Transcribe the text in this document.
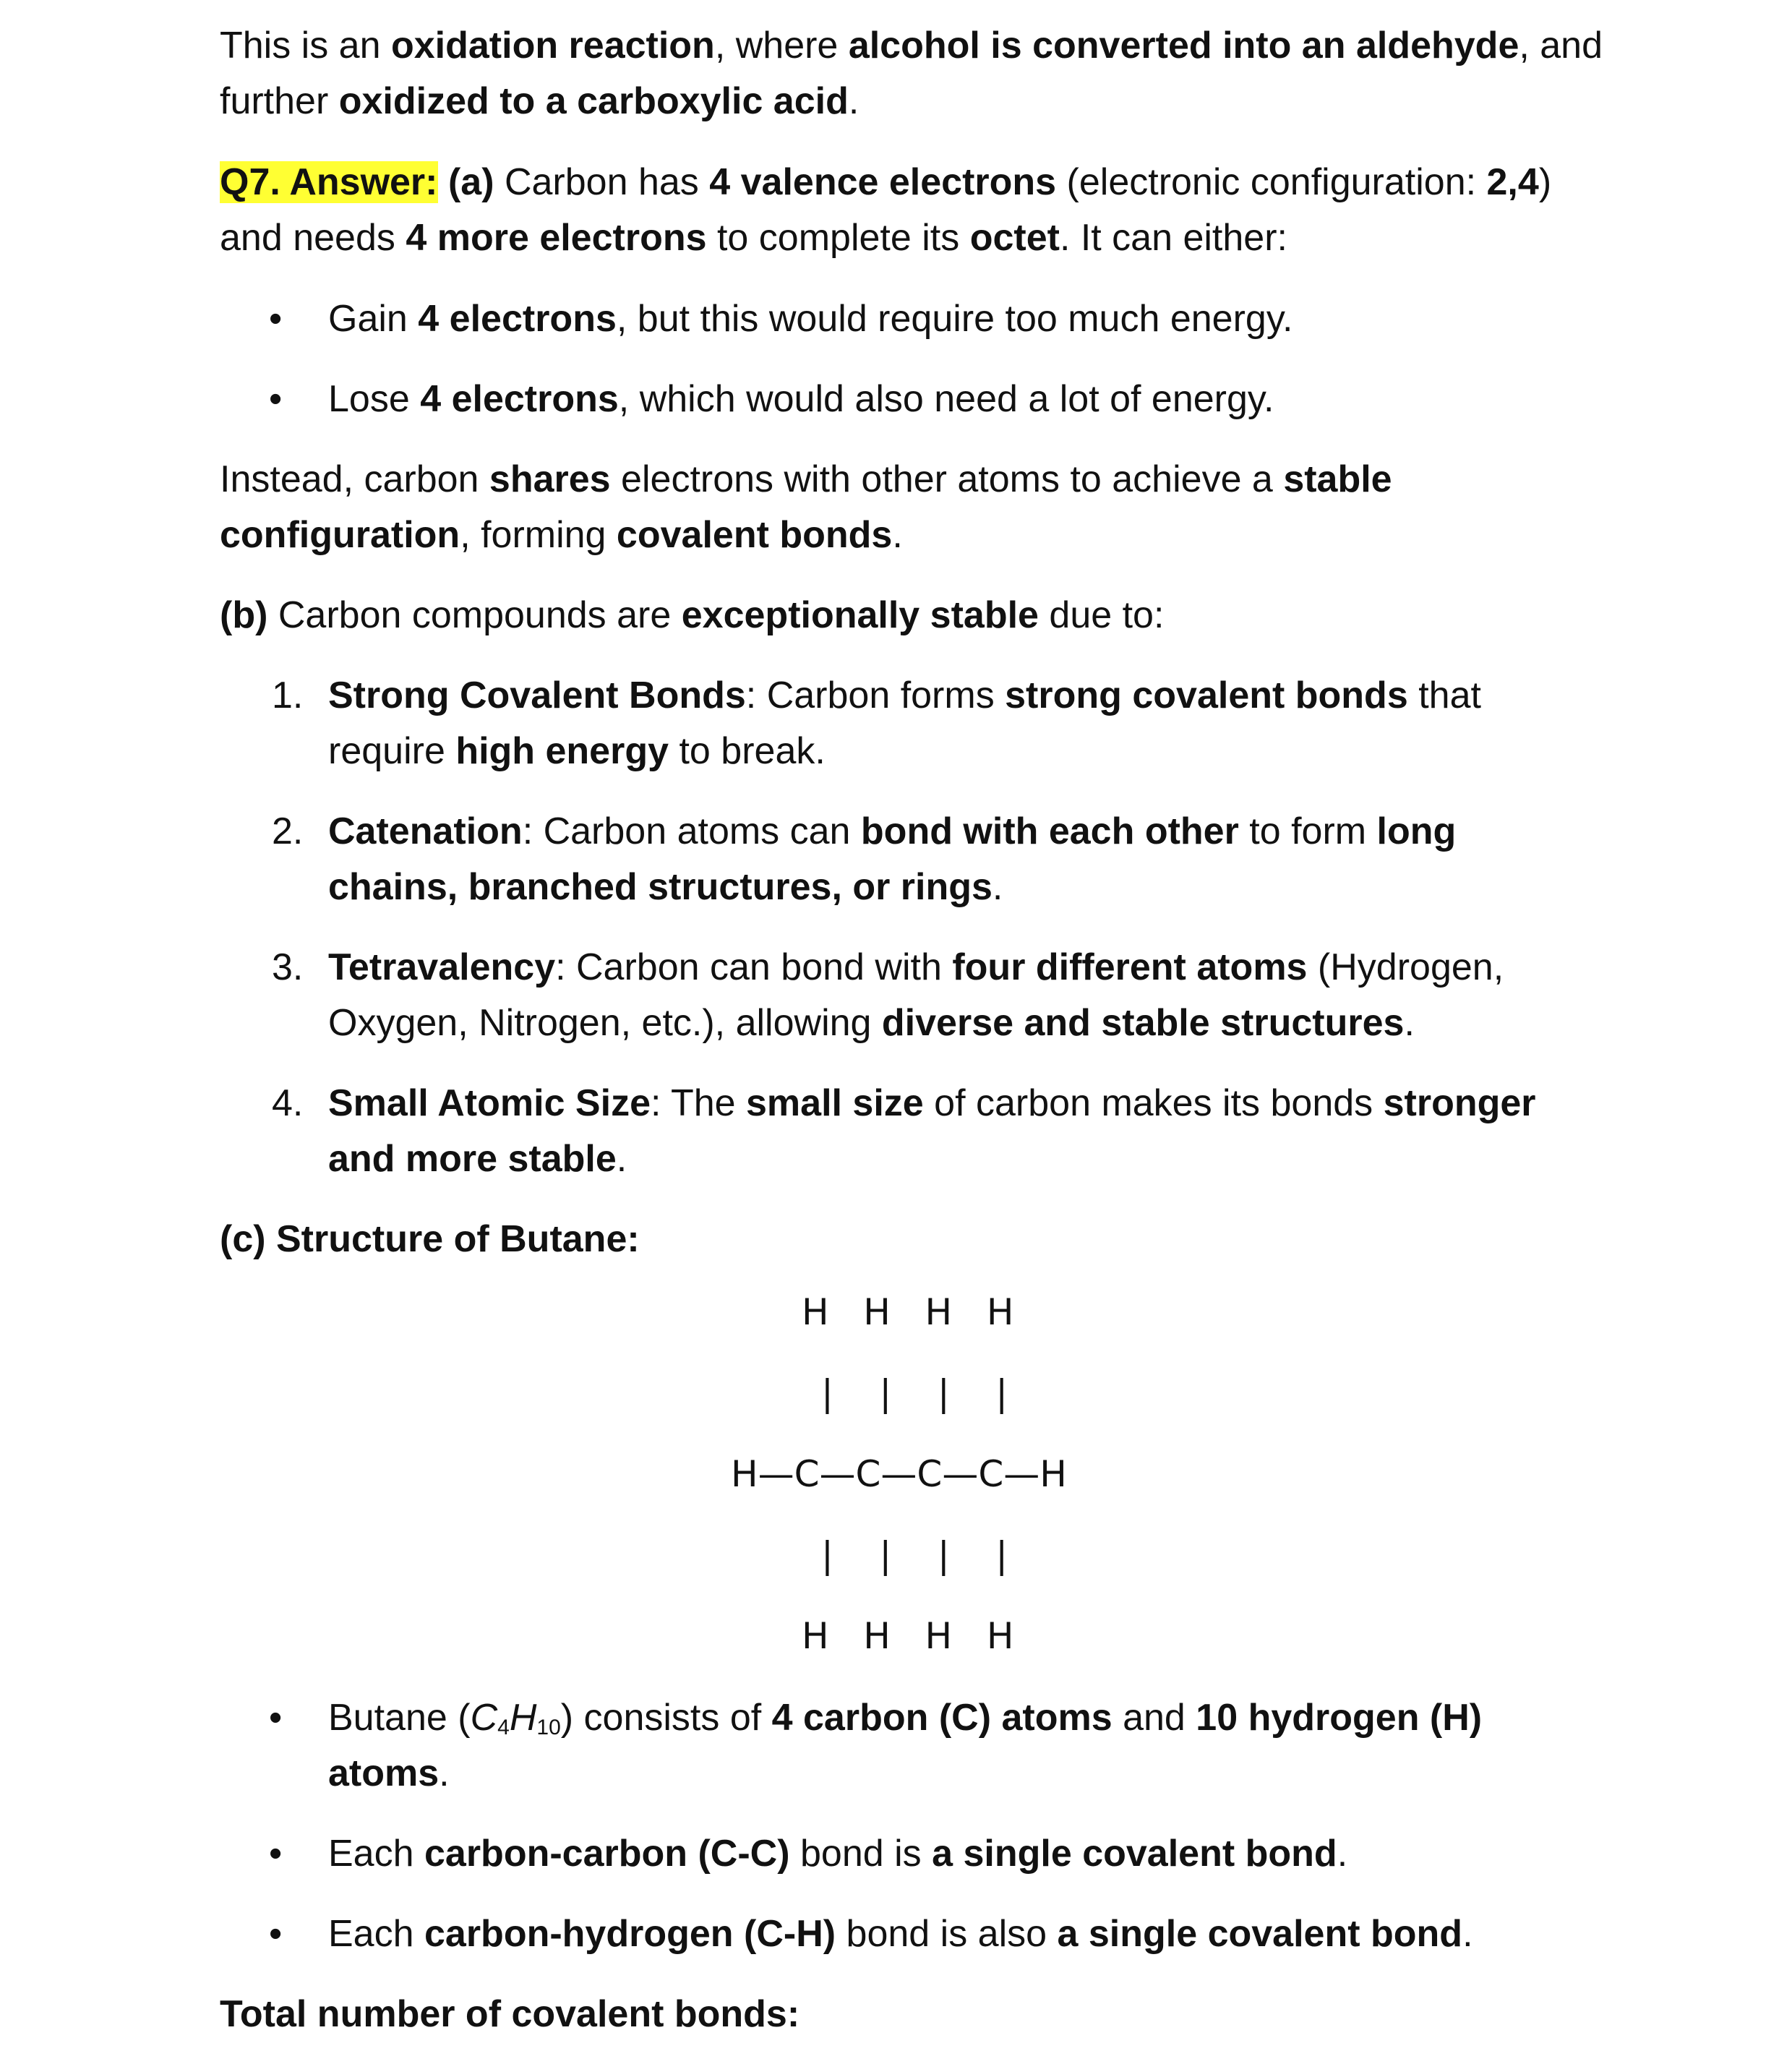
This is an oxidation reaction, where alcohol is converted into an aldehyde, and
further oxidized to a carboxylic acid.
Q7. Answer: (a) Carbon has 4 valence electrons (electronic configuration: 2,4)
and needs 4 more electrons to complete its octet. It can either:
• Gain 4 electrons, but this would require too much energy.
• Lose 4 electrons, which would also need a lot of energy.
Instead, carbon shares electrons with other atoms to achieve a stable
configuration, forming covalent bonds.
(b) Carbon compounds are exceptionally stable due to:
1. Strong Covalent Bonds: Carbon forms strong covalent bonds that
require high energy to break.
2. Catenation: Carbon atoms can bond with each other to form long
chains, branched structures, or rings.
3. Tetravalency: Carbon can bond with four different atoms (Hydrogen,
Oxygen, Nitrogen, etc.), allowing diverse and stable structures.
4. Small Atomic Size: The small size of carbon makes its bonds stronger
and more stable.
(c) Structure of Butane:
H   H   H   H
|    |    |    |
H—C—C—C—C—H
|    |    |    |
H   H   H   H
• Butane $(C_4H_{10})$ consists of 4 carbon (C) atoms and 10 hydrogen (H)
atoms.
• Each carbon-carbon (C-C) bond is a single covalent bond.
• Each carbon-hydrogen (C-H) bond is also a single covalent bond.
Total number of covalent bonds:
